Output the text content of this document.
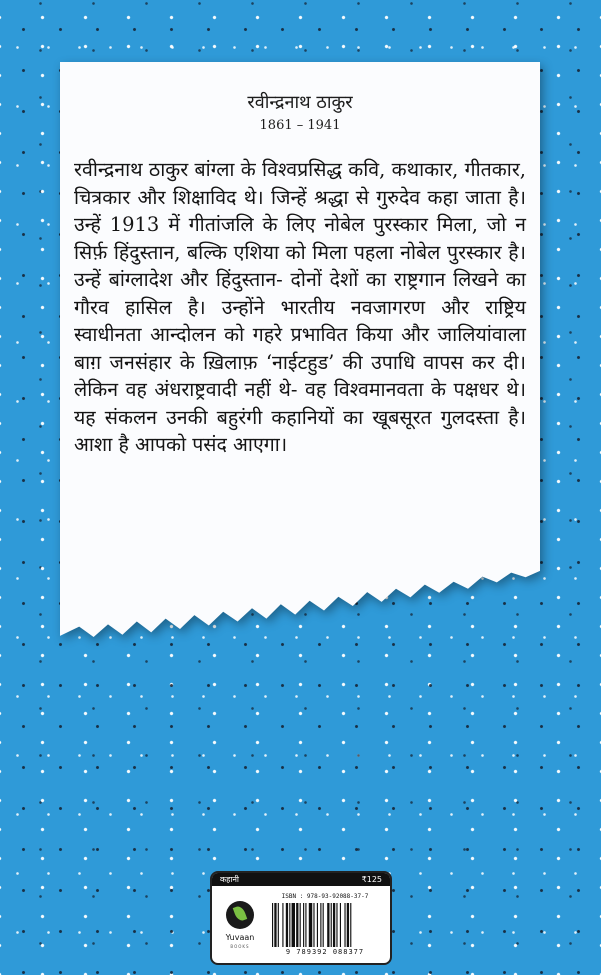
रवीन्द्रनाथ ठाकुर
1861 – 1941
रवीन्द्रनाथ ठाकुर बांग्ला के विश्वप्रसिद्ध कवि, कथाकार, गीतकार, चित्रकार और शिक्षाविद थे। जिन्हें श्रद्धा से गुरुदेव कहा जाता है। उन्हें 1913 में गीतांजलि के लिए नोबेल पुरस्कार मिला, जो न सिर्फ़ हिंदुस्तान, बल्कि एशिया को मिला पहला नोबेल पुरस्कार है। उन्हें बांग्लादेश और हिंदुस्तान- दोनों देशों का राष्ट्रगान लिखने का गौरव हासिल है। उन्होंने भारतीय नवजागरण और राष्ट्रिय स्वाधीनता आन्दोलन को गहरे प्रभावित किया और जालियांवाला बाग़ जनसंहार के ख़िलाफ़ ‘नाईटहुड’ की उपाधि वापस कर दी। लेकिन वह अंधराष्ट्रवादी नहीं थे- वह विश्वमानवता के पक्षधर थे। यह संकलन उनकी बहुरंगी कहानियों का खूबसूरत गुलदस्ता है। आशा है आपको पसंद आएगा।
कहानी	₹125
Yuvaan
BOOKS
ISBN : 978-93-92088-37-7
9 789392 088377
